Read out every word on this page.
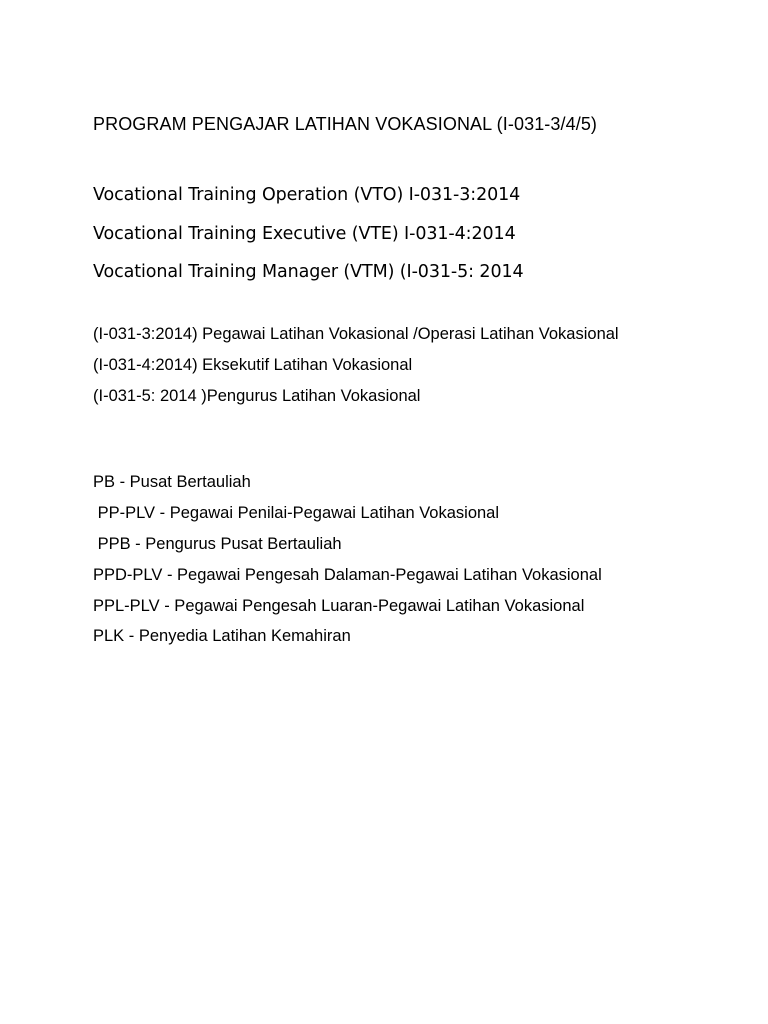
PROGRAM PENGAJAR LATIHAN VOKASIONAL (I-031-3/4/5)
Vocational Training Operation (VTO) I-031-3:2014
Vocational Training Executive (VTE) I-031-4:2014
Vocational Training Manager (VTM) (I-031-5: 2014
(I-031-3:2014) Pegawai Latihan Vokasional /Operasi Latihan Vokasional
(I-031-4:2014) Eksekutif Latihan Vokasional
(I-031-5: 2014 )Pengurus Latihan Vokasional
PB - Pusat Bertauliah
PP-PLV - Pegawai Penilai-Pegawai Latihan Vokasional
PPB - Pengurus Pusat Bertauliah
PPD-PLV - Pegawai Pengesah Dalaman-Pegawai Latihan Vokasional
PPL-PLV - Pegawai Pengesah Luaran-Pegawai Latihan Vokasional
PLK - Penyedia Latihan Kemahiran
